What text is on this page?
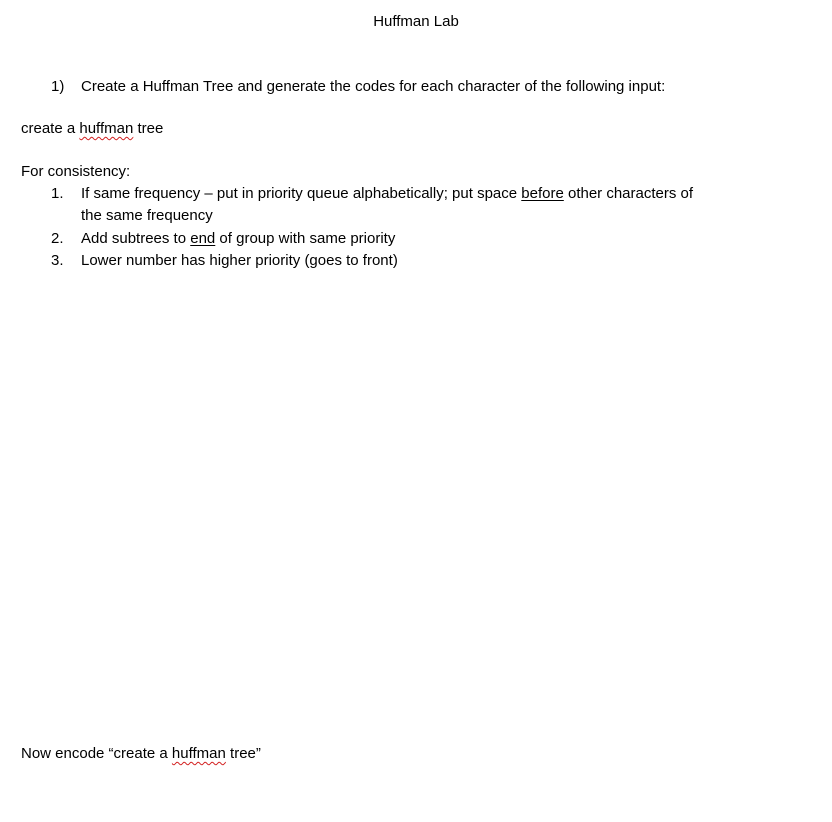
Huffman Lab
1) Create a Huffman Tree and generate the codes for each character of the following input:
create a huffman tree
For consistency:
1. If same frequency – put in priority queue alphabetically; put space before other characters of
the same frequency
2. Add subtrees to end of group with same priority
3. Lower number has higher priority (goes to front)
Now encode “create a huffman tree”
